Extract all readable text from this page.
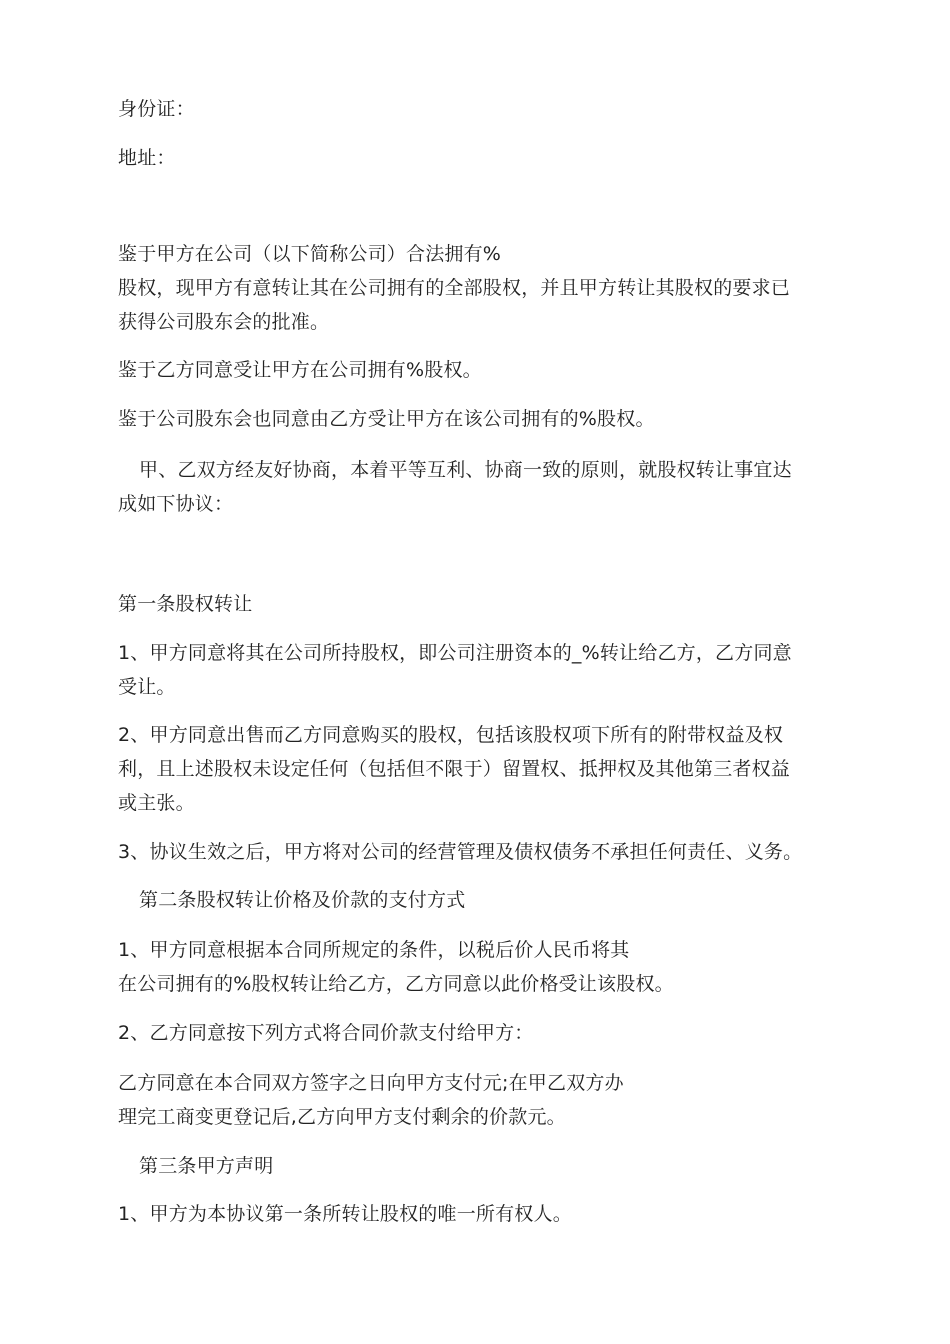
身份证：
地址：
鉴于甲方在公司（以下简称公司）合法拥有%
股权，现甲方有意转让其在公司拥有的全部股权，并且甲方转让其股权的要求已
获得公司股东会的批准。
鉴于乙方同意受让甲方在公司拥有%股权。
鉴于公司股东会也同意由乙方受让甲方在该公司拥有的%股权。
甲、乙双方经友好协商，本着平等互利、协商一致的原则，就股权转让事宜达
成如下协议：
第一条股权转让
1、甲方同意将其在公司所持股权，即公司注册资本的_%转让给乙方，乙方同意
受让。
2、甲方同意出售而乙方同意购买的股权，包括该股权项下所有的附带权益及权
利，且上述股权未设定任何（包括但不限于）留置权、抵押权及其他第三者权益
或主张。
3、协议生效之后，甲方将对公司的经营管理及债权债务不承担任何责任、义务。
第二条股权转让价格及价款的支付方式
1、甲方同意根据本合同所规定的条件，以税后价人民币将其
在公司拥有的%股权转让给乙方，乙方同意以此价格受让该股权。
2、乙方同意按下列方式将合同价款支付给甲方：
乙方同意在本合同双方签字之日向甲方支付元;在甲乙双方办
理完工商变更登记后,乙方向甲方支付剩余的价款元。
第三条甲方声明
1、甲方为本协议第一条所转让股权的唯一所有权人。
